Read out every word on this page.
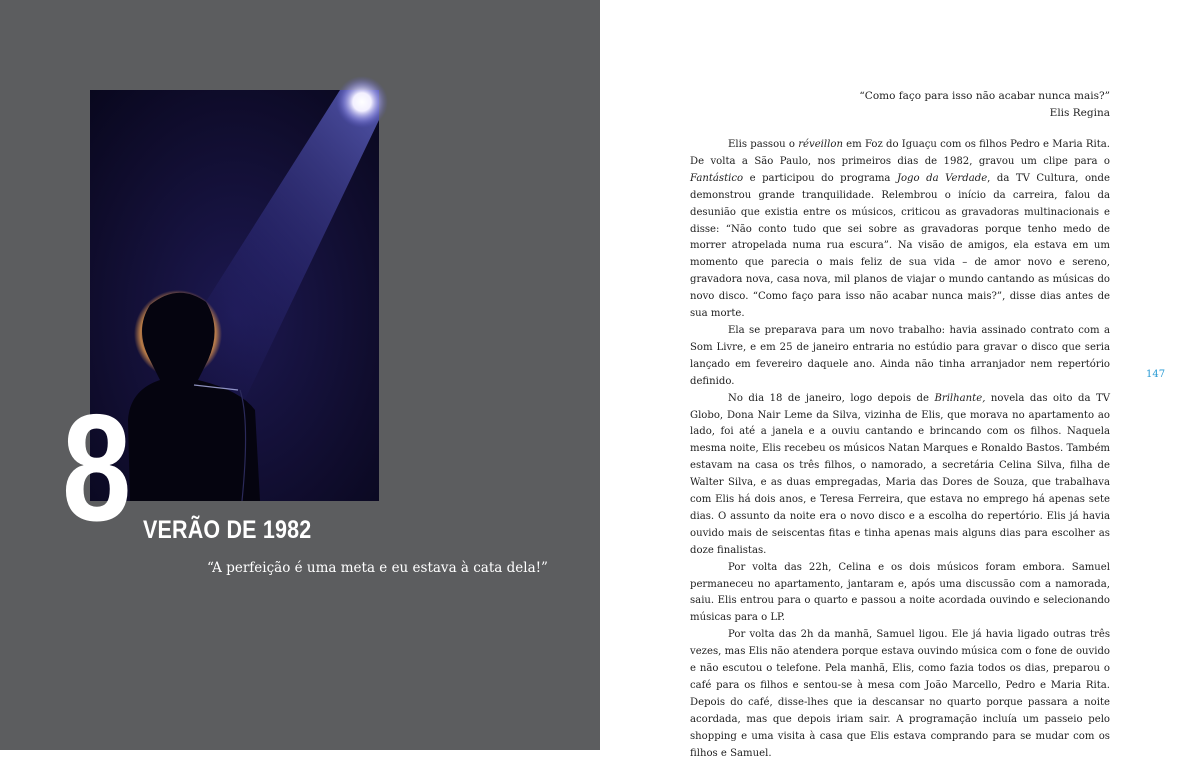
8 VERÃO DE 1982
“A perfeição é uma meta e eu estava à cata dela!”
“Como faço para isso não acabar nunca mais?”
Elis Regina

Elis passou o réveillon em Foz do Iguaçu com os filhos Pedro e Maria Rita. De volta a São Paulo, nos primeiros dias de 1982, gravou um clipe para o Fantástico e participou do programa Jogo da Verdade, da TV Cultura, onde demonstrou grande tranquilidade. Relembrou o início da carreira, falou da desunião que existia entre os músicos, criticou as gravadoras multinacionais e disse: “Não conto tudo que sei sobre as gravadoras porque tenho medo de morrer atropelada numa rua escura”. Na visão de amigos, ela estava em um momento que parecia o mais feliz de sua vida – de amor novo e sereno, gravadora nova, casa nova, mil planos de viajar o mundo cantando as músicas do novo disco. “Como faço para isso não acabar nunca mais?”, disse dias antes de sua morte.

Ela se preparava para um novo trabalho: havia assinado contrato com a Som Livre, e em 25 de janeiro entraria no estúdio para gravar o disco que seria lançado em fevereiro daquele ano. Ainda não tinha arranjador nem repertório definido.

No dia 18 de janeiro, logo depois de Brilhante, novela das oito da TV Globo, Dona Nair Leme da Silva, vizinha de Elis, que morava no apartamento ao lado, foi até a janela e a ouviu cantando e brincando com os filhos. Naquela mesma noite, Elis recebeu os músicos Natan Marques e Ronaldo Bastos. Também estavam na casa os três filhos, o namorado, a secretária Celina Silva, filha de Walter Silva, e as duas empregadas, Maria das Dores de Souza, que trabalhava com Elis há dois anos, e Teresa Ferreira, que estava no emprego há apenas sete dias. O assunto da noite era o novo disco e a escolha do repertório. Elis já havia ouvido mais de seiscentas fitas e tinha apenas mais alguns dias para escolher as doze finalistas.

Por volta das 22h, Celina e os dois músicos foram embora. Samuel permaneceu no apartamento, jantaram e, após uma discussão com a namorada, saiu. Elis entrou para o quarto e passou a noite acordada ouvindo e selecionando músicas para o LP.

Por volta das 2h da manhã, Samuel ligou. Ele já havia ligado outras três vezes, mas Elis não atendera porque estava ouvindo música com o fone de ouvido e não escutou o telefone. Pela manhã, Elis, como fazia todos os dias, preparou o café para os filhos e sentou-se à mesa com João Marcello, Pedro e Maria Rita. Depois do café, disse-lhes que ia descansar no quarto porque passara a noite acordada, mas que depois iriam sair. A programação incluía um passeio pelo shopping e uma visita à casa que Elis estava comprando para se mudar com os filhos e Samuel.

147
